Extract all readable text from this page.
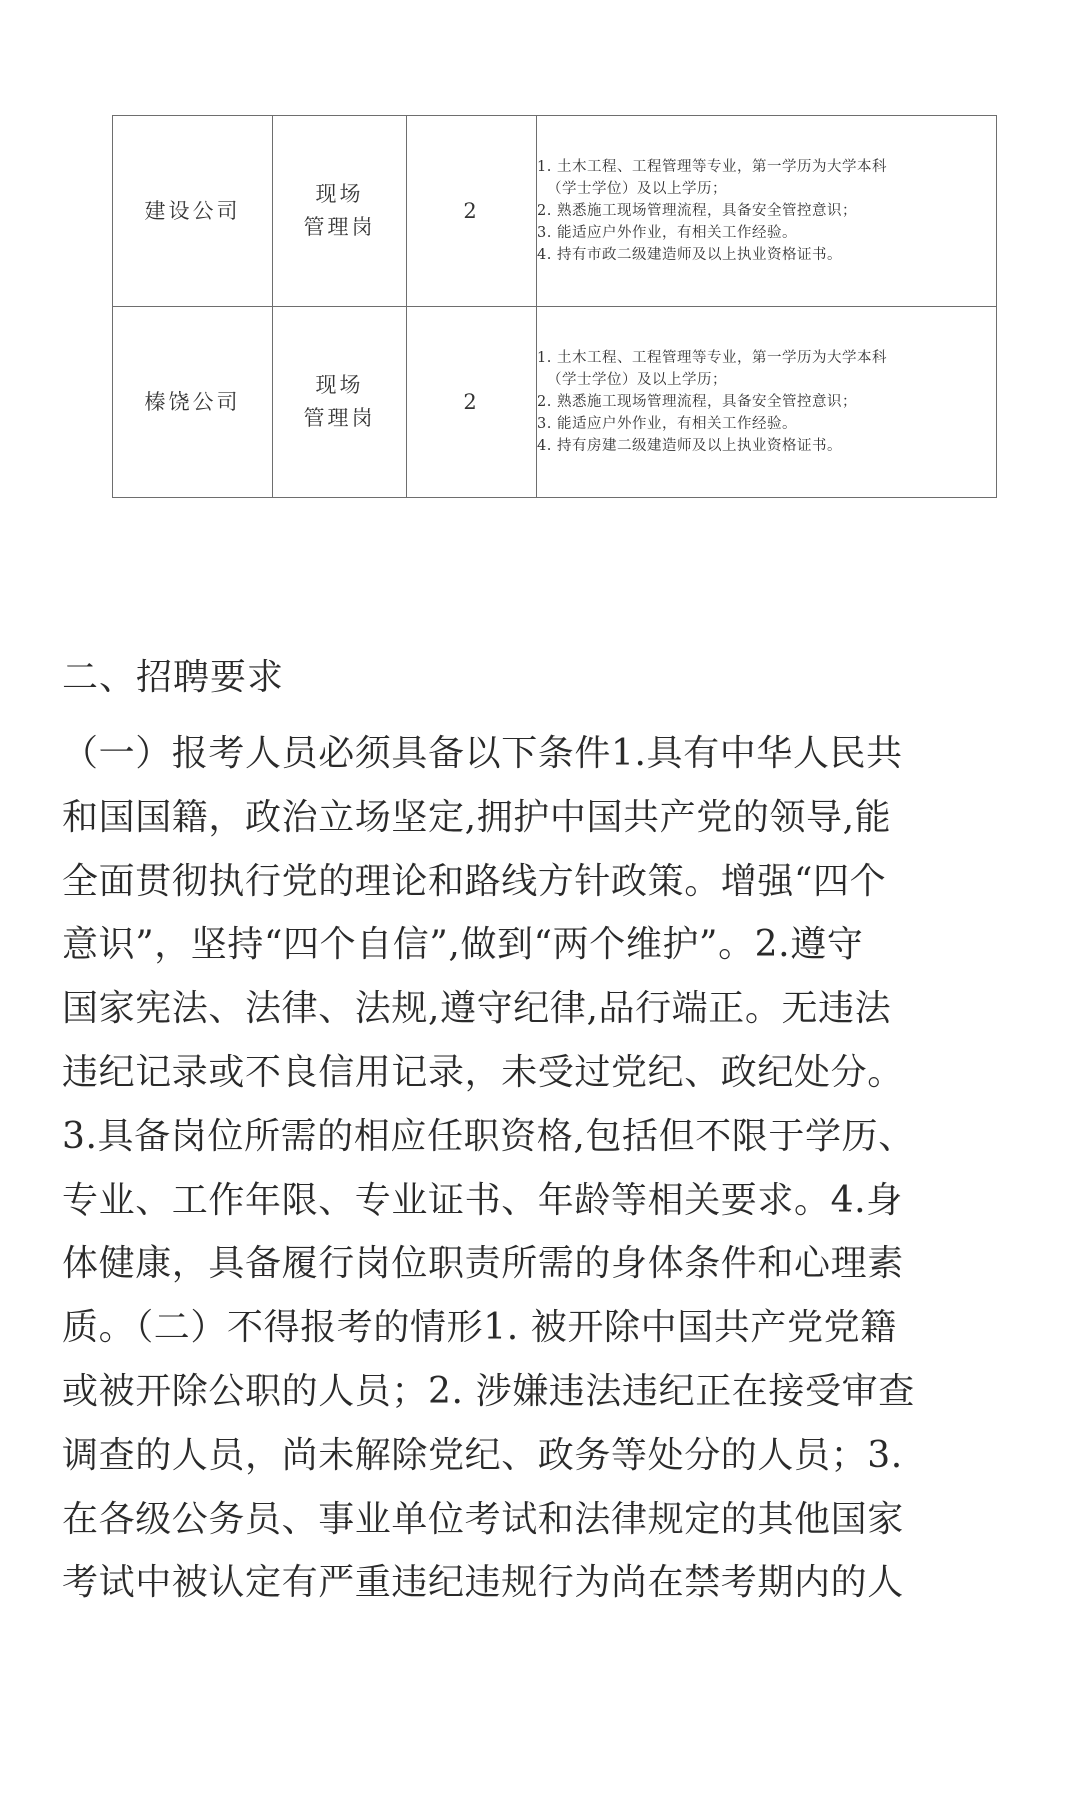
建设公司	现场
管理岗	2	1. 土木工程、工程管理等专业，第一学历为大学本科
（学士学位）及以上学历；
2. 熟悉施工现场管理流程，具备安全管控意识；
3. 能适应户外作业，有相关工作经验。
4. 持有市政二级建造师及以上执业资格证书。

榛饶公司	现场
管理岗	2	1. 土木工程、工程管理等专业，第一学历为大学本科
（学士学位）及以上学历；
2. 熟悉施工现场管理流程，具备安全管控意识；
3. 能适应户外作业，有相关工作经验。
4. 持有房建二级建造师及以上执业资格证书。
二、招聘要求
（一）报考人员必须具备以下条件1.具有中华人民共
和国国籍，政治立场坚定,拥护中国共产党的领导,能
全面贯彻执行党的理论和路线方针政策。增强“四个
意识”，坚持“四个自信”,做到“两个维护”。2.遵守
国家宪法、法律、法规,遵守纪律,品行端正。无违法
违纪记录或不良信用记录，未受过党纪、政纪处分。
3.具备岗位所需的相应任职资格,包括但不限于学历、
专业、工作年限、专业证书、年龄等相关要求。4.身
体健康，具备履行岗位职责所需的身体条件和心理素
质。（二）不得报考的情形1. 被开除中国共产党党籍
或被开除公职的人员；2. 涉嫌违法违纪正在接受审查
调查的人员，尚未解除党纪、政务等处分的人员；3.
在各级公务员、事业单位考试和法律规定的其他国家
考试中被认定有严重违纪违规行为尚在禁考期内的人
